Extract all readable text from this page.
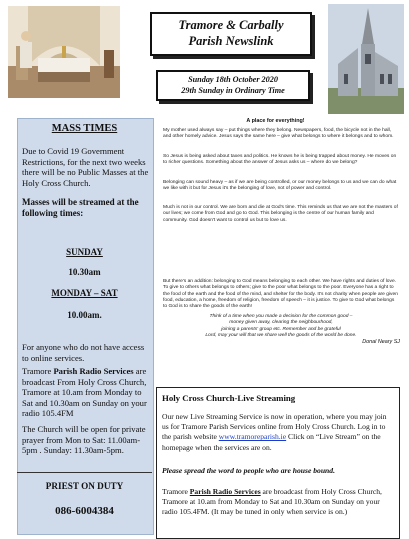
Tramore & Carbally
Parish Newslink
Sunday 18th October 2020
29th Sunday in Ordinary Time
MASS TIMES
Due to Covid 19 Government Restrictions, for the next two weeks there will be no Public Masses at the Holy Cross Church.
Masses will be streamed at the following times:
SUNDAY
10.30am
MONDAY – SAT
10.00am.
For anyone who do not have access to online services.
Tramore Parish Radio Services are broadcast From Holy Cross Church, Tramore at 10.am from Monday to Sat and 10.30am on Sunday on your radio 105.4FM
The Church will be open for private prayer from Mon to Sat: 11.00am-5pm . Sunday: 11.30am-5pm.
PRIEST ON DUTY
086-6004384
A place for everything!
My mother used always say – put things where they belong. Newspapers, food, the bicycle not in the hall, and other homely advice. Jesus says the same here – give what belongs to where it belongs and to whom.
So Jesus is being asked about taxes and politics. He knows he is being trapped about money. He moves on to richer questions. Something about the answer of Jesus asks us – where do we belong?
Belonging can sound heavy – as if we are being controlled, or our money belongs to us and we can do what we like with it but for Jesus it's the belonging of love, not of power and control.
Much is not in our control. We are born and die at God's time. This reminds us that we are not the masters of our lives; we come from God and go to God. This belonging is the centre of our human family and community. God doesn't want to control us but to love us.
But there's an addition: belonging to God means belonging to each other. We have rights and duties of love. To give to others what belongs to others; give to the poor what belongs to the poor. Everyone has a right to the food of the earth and the food of the mind, and shelter for the body. It's not charity when people are given food, education, a home, freedom of religion, freedom of speech – it is justice. To give to God what belongs to God is to share the goods of the earth!
Think of a time when you made a decision for the common good –
money given away, clearing the neighbourhood,
joining a parents' group etc. Remember and be grateful
Lord, may your will that we share well the goods of the world be done.
Donal Neary SJ
Holy Cross Church-Live Streaming
Our new Live Streaming Service is now in operation, where you may join us for Tramore Parish Services online from Holy Cross Church. Log in to the parish website www.tramoreparish.ie Click on “Live Stream” on the homepage when the services are on.
Please spread the word to people who are house bound.
Tramore Parish Radio Services are broadcast from Holy Cross Church, Tramore at 10.am from Monday to Sat and 10.30am on Sunday on your radio 105.4FM. (It may be tuned in only when service is on.)
